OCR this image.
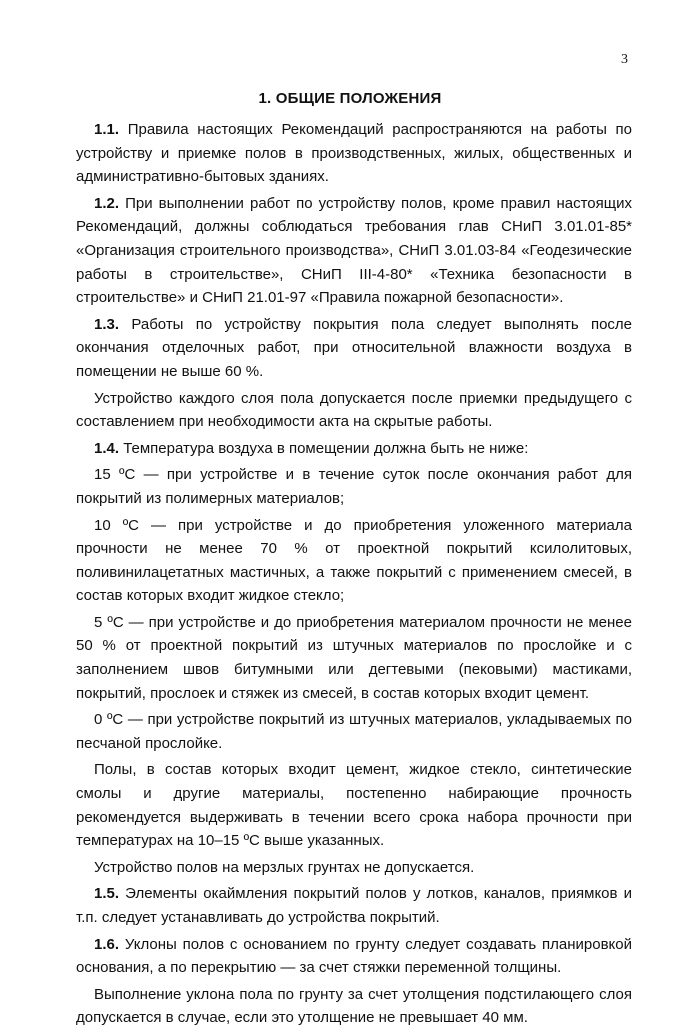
3
1. ОБЩИЕ ПОЛОЖЕНИЯ

1.1. Правила настоящих Рекомендаций распространяются на работы по устройству и приемке полов в производственных, жилых, общественных и административно-бытовых зданиях.

1.2. При выполнении работ по устройству полов, кроме правил настоящих Рекомендаций, должны соблюдаться требования глав СНиП 3.01.01-85* «Организация строительного производства», СНиП 3.01.03-84 «Геодезические работы в строительстве», СНиП III-4-80* «Техника безопасности в строительстве» и СНиП 21.01-97 «Правила пожарной безопасности».

1.3. Работы по устройству покрытия пола следует выполнять после окончания отделочных работ, при относительной влажности воздуха в помещении не выше 60 %.

Устройство каждого слоя пола допускается после приемки предыдущего с составлением при необходимости акта на скрытые работы.

1.4. Температура воздуха в помещении должна быть не ниже:

15 ºС — при устройстве и в течение суток после окончания работ для покрытий из полимерных материалов;

10 ºС — при устройстве и до приобретения уложенного материала прочности не менее 70 % от проектной покрытий ксилолитовых, поливинилацетатных мастичных, а также покрытий с применением смесей, в состав которых входит жидкое стекло;

5 ºС — при устройстве и до приобретения материалом прочности не менее 50 % от проектной покрытий из штучных материалов по прослойке и с заполнением швов битумными или дегтевыми (пековыми) мастиками, покрытий, прослоек и стяжек из смесей, в состав которых входит цемент.

0 ºС — при устройстве покрытий из штучных материалов, укладываемых по песчаной прослойке.

Полы, в состав которых входит цемент, жидкое стекло, синтетические смолы и другие материалы, постепенно набирающие прочность рекомендуется выдерживать в течении всего срока набора прочности при температурах на 10–15 ºС выше указанных.

Устройство полов на мерзлых грунтах не допускается.

1.5. Элементы окаймления покрытий полов у лотков, каналов, приямков и т.п. следует устанавливать до устройства покрытий.

1.6. Уклоны полов с основанием по грунту следует создавать планировкой основания, а по перекрытию — за счет стяжки переменной толщины.

Выполнение уклона пола по грунту за счет утолщения подстилающего слоя допускается в случае, если это утолщение не превышает 40 мм.
